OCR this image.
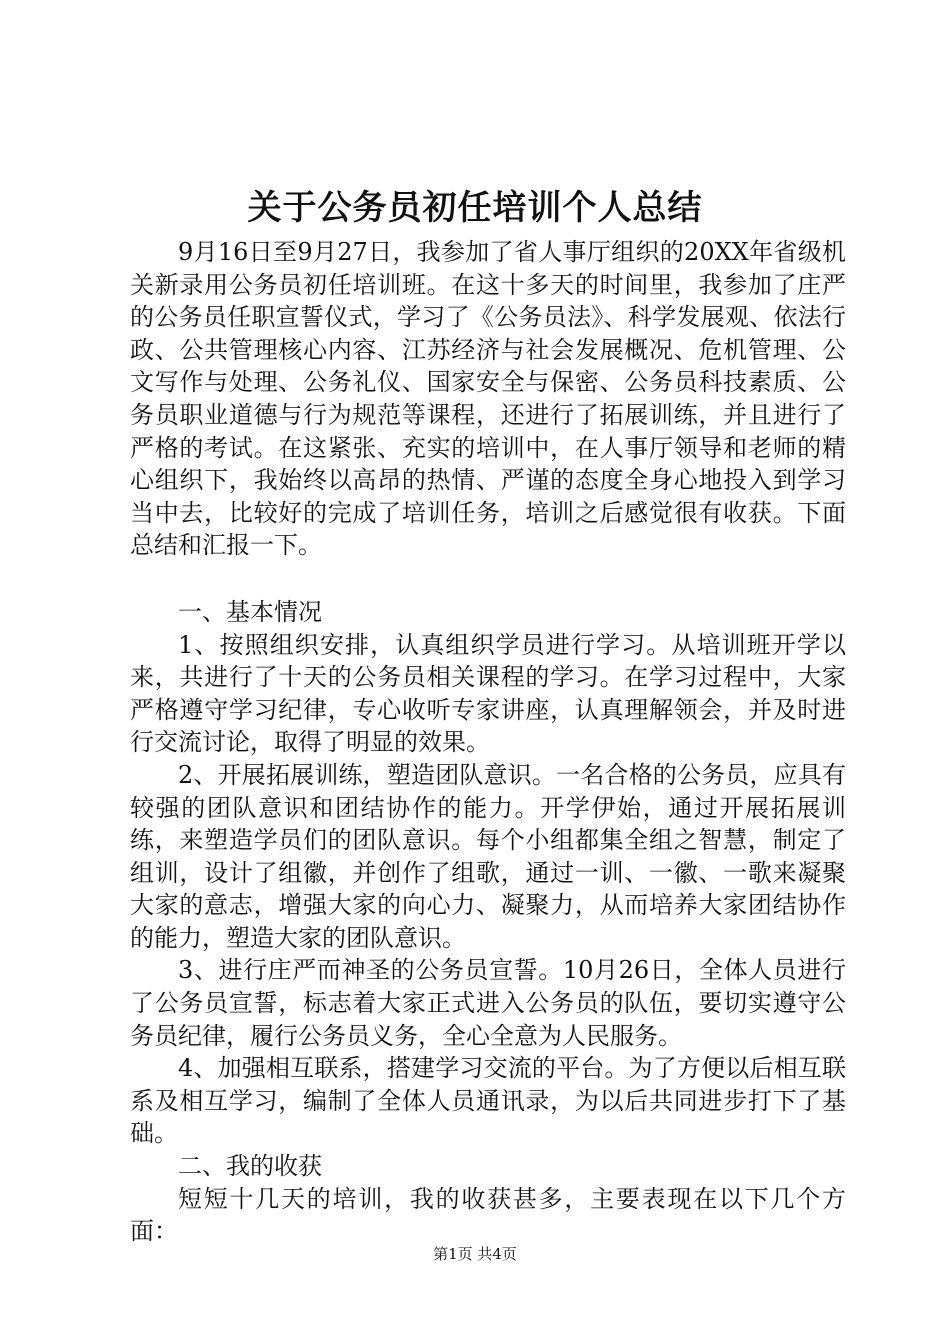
关于公务员初任培训个人总结

9月16日至9月27日，我参加了省人事厅组织的20XX年省级机关新录用公务员初任培训班。在这十多天的时间里，我参加了庄严的公务员任职宣誓仪式，学习了《公务员法》、科学发展观、依法行政、公共管理核心内容、江苏经济与社会发展概况、危机管理、公文写作与处理、公务礼仪、国家安全与保密、公务员科技素质、公务员职业道德与行为规范等课程，还进行了拓展训练，并且进行了严格的考试。在这紧张、充实的培训中，在人事厅领导和老师的精心组织下，我始终以高昂的热情、严谨的态度全身心地投入到学习当中去，比较好的完成了培训任务，培训之后感觉很有收获。下面总结和汇报一下。

一、基本情况

1、按照组织安排，认真组织学员进行学习。从培训班开学以来，共进行了十天的公务员相关课程的学习。在学习过程中，大家严格遵守学习纪律，专心收听专家讲座，认真理解领会，并及时进行交流讨论，取得了明显的效果。

2、开展拓展训练，塑造团队意识。一名合格的公务员，应具有较强的团队意识和团结协作的能力。开学伊始，通过开展拓展训练，来塑造学员们的团队意识。每个小组都集全组之智慧，制定了组训，设计了组徽，并创作了组歌，通过一训、一徽、一歌来凝聚大家的意志，增强大家的向心力、凝聚力，从而培养大家团结协作的能力，塑造大家的团队意识。

3、进行庄严而神圣的公务员宣誓。10月26日，全体人员进行了公务员宣誓，标志着大家正式进入公务员的队伍，要切实遵守公务员纪律，履行公务员义务，全心全意为人民服务。

4、加强相互联系，搭建学习交流的平台。为了方便以后相互联系及相互学习，编制了全体人员通讯录，为以后共同进步打下了基础。

二、我的收获

短短十几天的培训，我的收获甚多，主要表现在以下几个方面：

第1页 共4页
